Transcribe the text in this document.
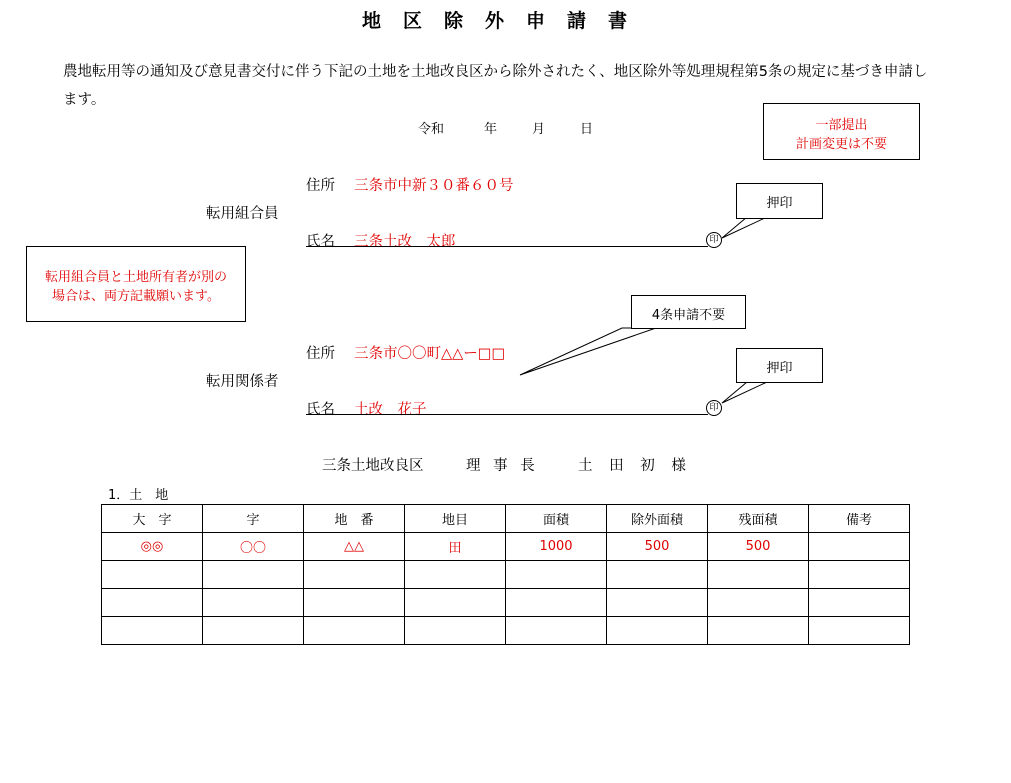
地区除外申請書
農地転用等の通知及び意見書交付に伴う下記の土地を土地改良区から除外されたく、地区除外等処理規程第5条の規定に基づき申請します。
令和	年	月	日	一部提出
計画変更は不要
住所 三条市中新３０番６０号
転用組合員
氏名 三条土改　太郎	印
押印
転用組合員と土地所有者が別の
場合は、両方記載願います。
4条申請不要
住所 三条市〇〇町△△ー□□
転用関係者
氏名 土改　花子	印
押印
三条土地改良区	理 事 長	土 田 初 様
1．土　地
大　字	字	地　番	地目	面積	除外面積	残面積	備考
◎◎	〇〇	△△	田	1000	500	500	
